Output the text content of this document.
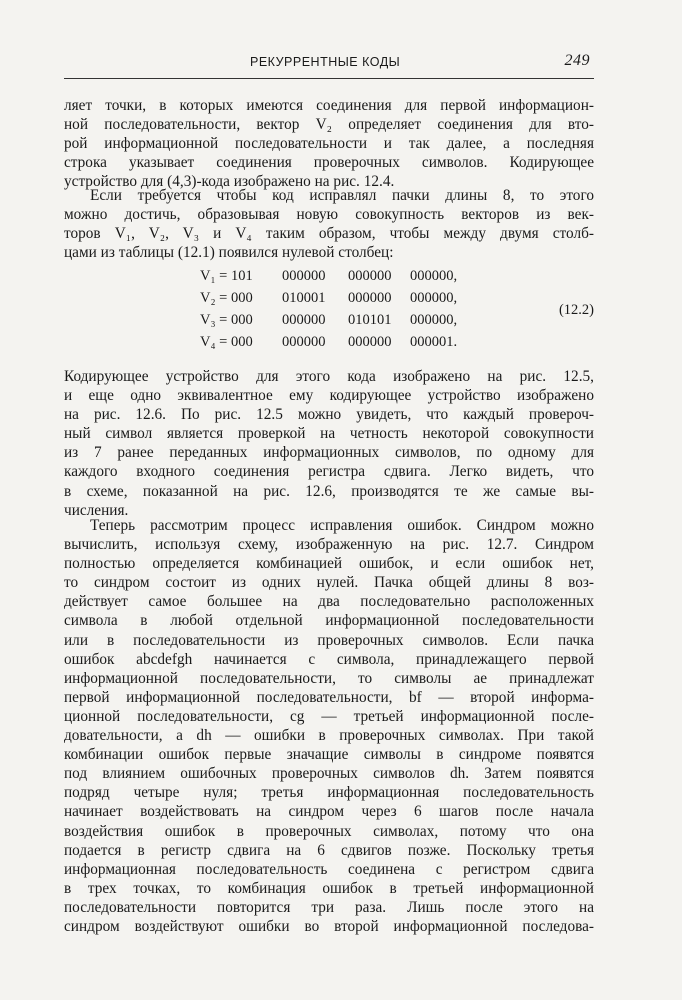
РЕКУРРЕНТНЫЕ КОДЫ	249
ляет точки, в которых имеются соединения для первой информацион-
ной последовательности, вектор V₂ определяет соединения для вто-
рой информационной последовательности и так далее, а последняя
строка указывает соединения проверочных символов. Кодирующее
устройство для (4,3)-кода изображено на рис. 12.4.
Если требуется чтобы код исправлял пачки длины 8, то этого
можно достичь, образовывая новую совокупность векторов из век-
торов V₁, V₂, V₃ и V₄ таким образом, чтобы между двумя столб-
цами из таблицы (12.1) появился нулевой столбец:
V₁ = 101 000000 000000 000000,
V₂ = 000 010001 000000 000000,
V₃ = 000 000000 010101 000000,
V₄ = 000 000000 000000 000001.
(12.2)
Кодирующее устройство для этого кода изображено на рис. 12.5,
и еще одно эквивалентное ему кодирующее устройство изображено
на рис. 12.6. По рис. 12.5 можно увидеть, что каждый провероч-
ный символ является проверкой на четность некоторой совокупности
из 7 ранее переданных информационных символов, по одному для
каждого входного соединения регистра сдвига. Легко видеть, что
в схеме, показанной на рис. 12.6, производятся те же самые вы-
числения.
Теперь рассмотрим процесс исправления ошибок. Синдром можно
вычислить, используя схему, изображенную на рис. 12.7. Синдром
полностью определяется комбинацией ошибок, и если ошибок нет,
то синдром состоит из одних нулей. Пачка общей длины 8 воз-
действует самое большее на два последовательно расположенных
символа в любой отдельной информационной последовательности
или в последовательности из проверочных символов. Если пачка
ошибок abcdefgh начинается с символа, принадлежащего первой
информационной последовательности, то символы ae принадлежат
первой информационной последовательности, bf — второй информа-
ционной последовательности, cg — третьей информационной после-
довательности, а dh — ошибки в проверочных символах. При такой
комбинации ошибок первые значащие символы в синдроме появятся
под влиянием ошибочных проверочных символов dh. Затем появятся
подряд четыре нуля; третья информационная последовательность
начинает воздействовать на синдром через 6 шагов после начала
воздействия ошибок в проверочных символах, потому что она
подается в регистр сдвига на 6 сдвигов позже. Поскольку третья
информационная последовательность соединена с регистром сдвига
в трех точках, то комбинация ошибок в третьей информационной
последовательности повторится три раза. Лишь после этого на
синдром воздействуют ошибки во второй информационной последова-
